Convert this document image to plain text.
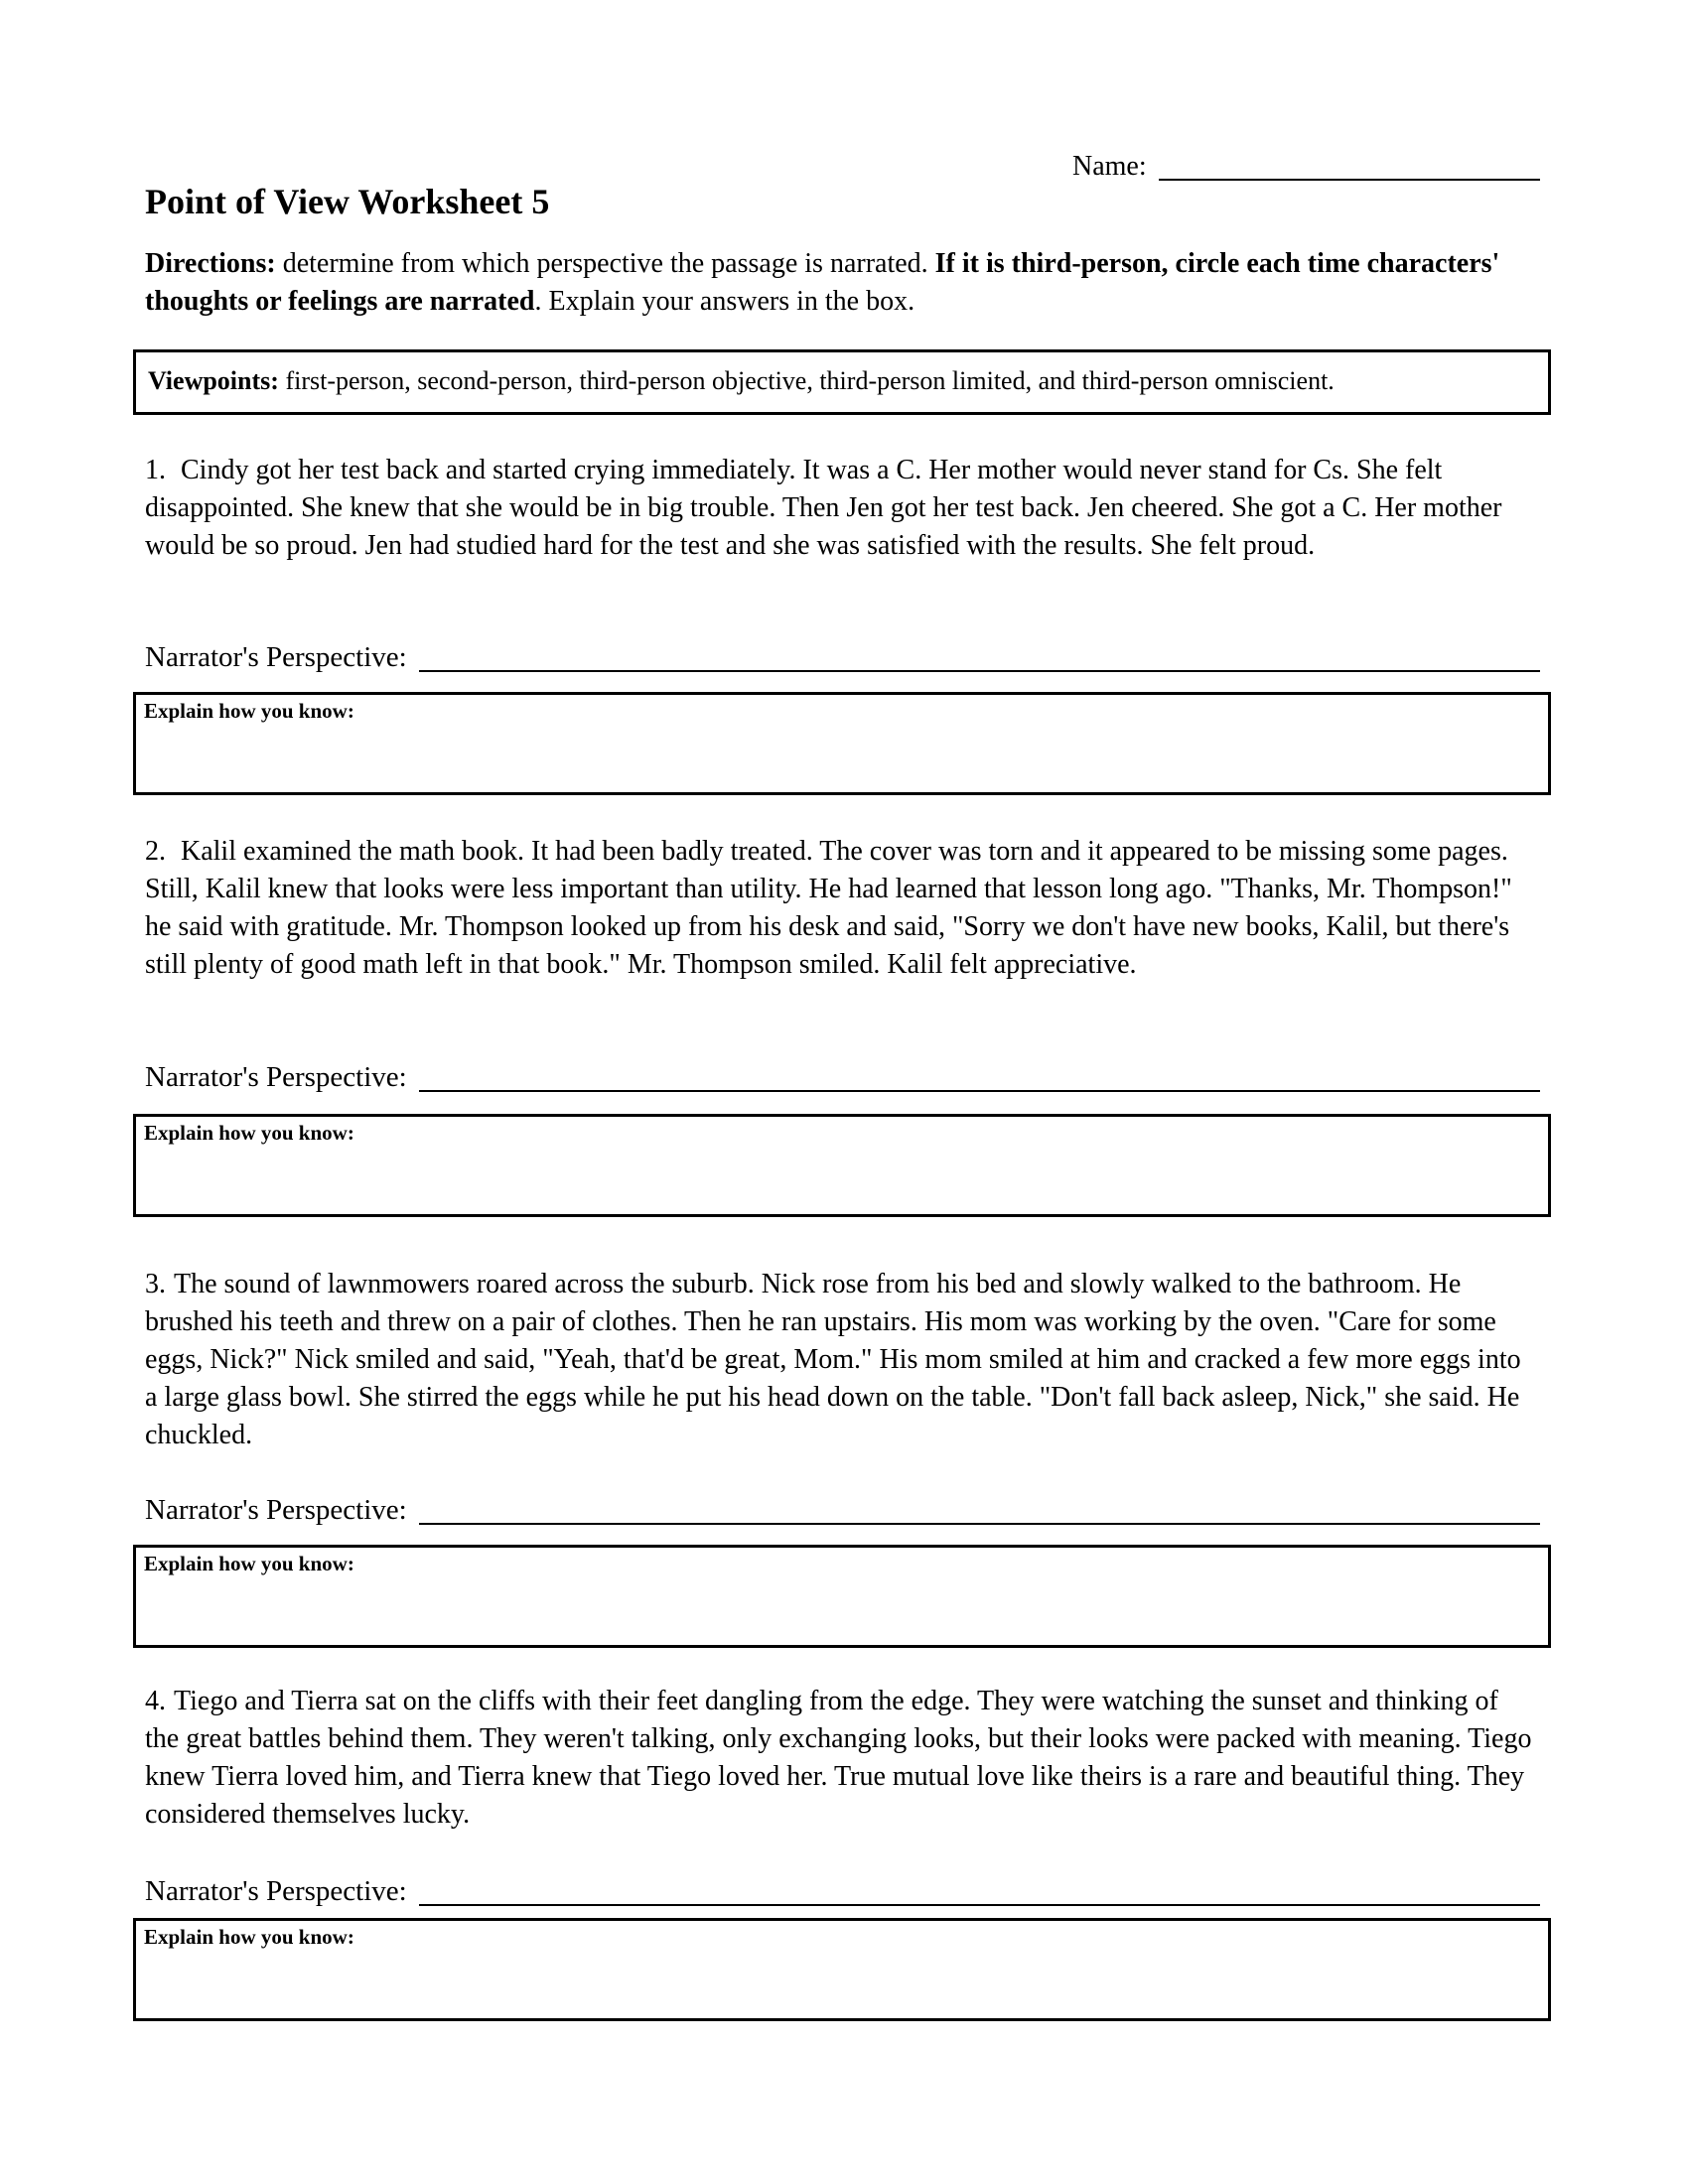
Name:
Point of View Worksheet 5

Directions: determine from which perspective the passage is narrated. If it is third-person, circle each time characters' thoughts or feelings are narrated. Explain your answers in the box.

Viewpoints: first-person, second-person, third-person objective, third-person limited, and third-person omniscient.

1. Cindy got her test back and started crying immediately. It was a C. Her mother would never stand for Cs. She felt disappointed. She knew that she would be in big trouble. Then Jen got her test back. Jen cheered. She got a C. Her mother would be so proud. Jen had studied hard for the test and she was satisfied with the results. She felt proud.

Narrator's Perspective:
Explain how you know:

2. Kalil examined the math book. It had been badly treated. The cover was torn and it appeared to be missing some pages. Still, Kalil knew that looks were less important than utility. He had learned that lesson long ago. "Thanks, Mr. Thompson!" he said with gratitude. Mr. Thompson looked up from his desk and said, "Sorry we don't have new books, Kalil, but there's still plenty of good math left in that book." Mr. Thompson smiled. Kalil felt appreciative.

Narrator's Perspective:
Explain how you know:

3. The sound of lawnmowers roared across the suburb. Nick rose from his bed and slowly walked to the bathroom. He brushed his teeth and threw on a pair of clothes. Then he ran upstairs. His mom was working by the oven. "Care for some eggs, Nick?" Nick smiled and said, "Yeah, that'd be great, Mom." His mom smiled at him and cracked a few more eggs into a large glass bowl. She stirred the eggs while he put his head down on the table. "Don't fall back asleep, Nick," she said. He chuckled.

Narrator's Perspective:
Explain how you know:

4. Tiego and Tierra sat on the cliffs with their feet dangling from the edge. They were watching the sunset and thinking of the great battles behind them. They weren't talking, only exchanging looks, but their looks were packed with meaning. Tiego knew Tierra loved him, and Tierra knew that Tiego loved her. True mutual love like theirs is a rare and beautiful thing. They considered themselves lucky.

Narrator's Perspective:
Explain how you know:
